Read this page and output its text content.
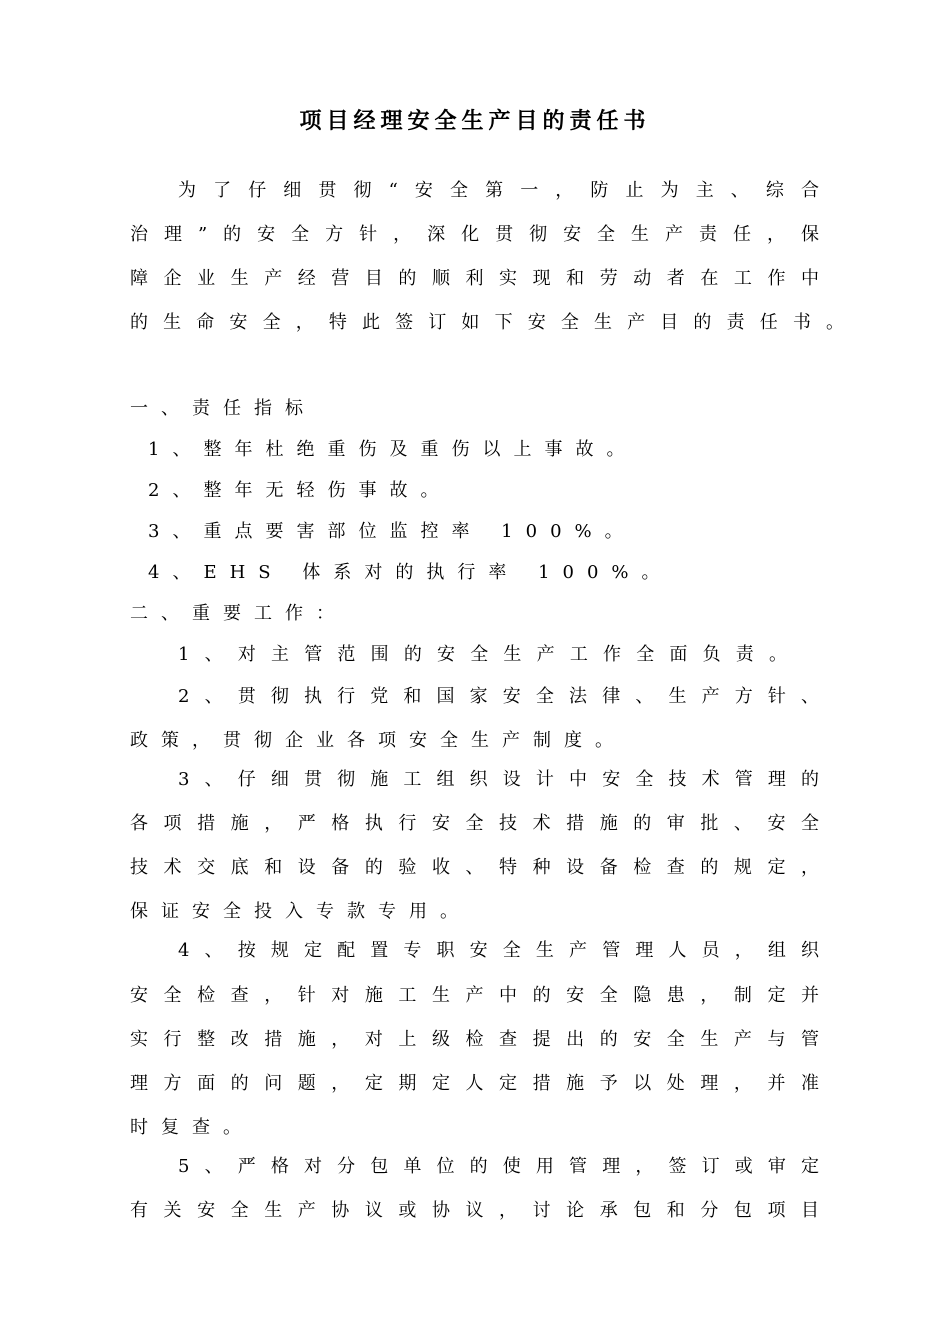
项目经理安全生产目的责任书
为了仔细贯彻“安全第一，防止为主、综合
治理”的安全方针，深化贯彻安全生产责任，保
障企业生产经营目的顺利实现和劳动者在工作中
的生命安全，特此签订如下安全生产目的责任书。
一、责任指标
1、整年杜绝重伤及重伤以上事故。
2、整年无轻伤事故。
3、重点要害部位监控率 100%。
4、EHS 体系对的执行率 100%。
二、重要工作：
1、对主管范围的安全生产工作全面负责。
2、贯彻执行党和国家安全法律、生产方针、
政策，贯彻企业各项安全生产制度。
3、仔细贯彻施工组织设计中安全技术管理的
各项措施，严格执行安全技术措施的审批、安全
技术交底和设备的验收、特种设备检查的规定，
保证安全投入专款专用。
4、按规定配置专职安全生产管理人员，组织
安全检查，针对施工生产中的安全隐患，制定并
实行整改措施，对上级检查提出的安全生产与管
理方面的问题，定期定人定措施予以处理，并准
时复查。
5、严格对分包单位的使用管理，签订或审定
有关安全生产协议或协议，讨论承包和分包项目
